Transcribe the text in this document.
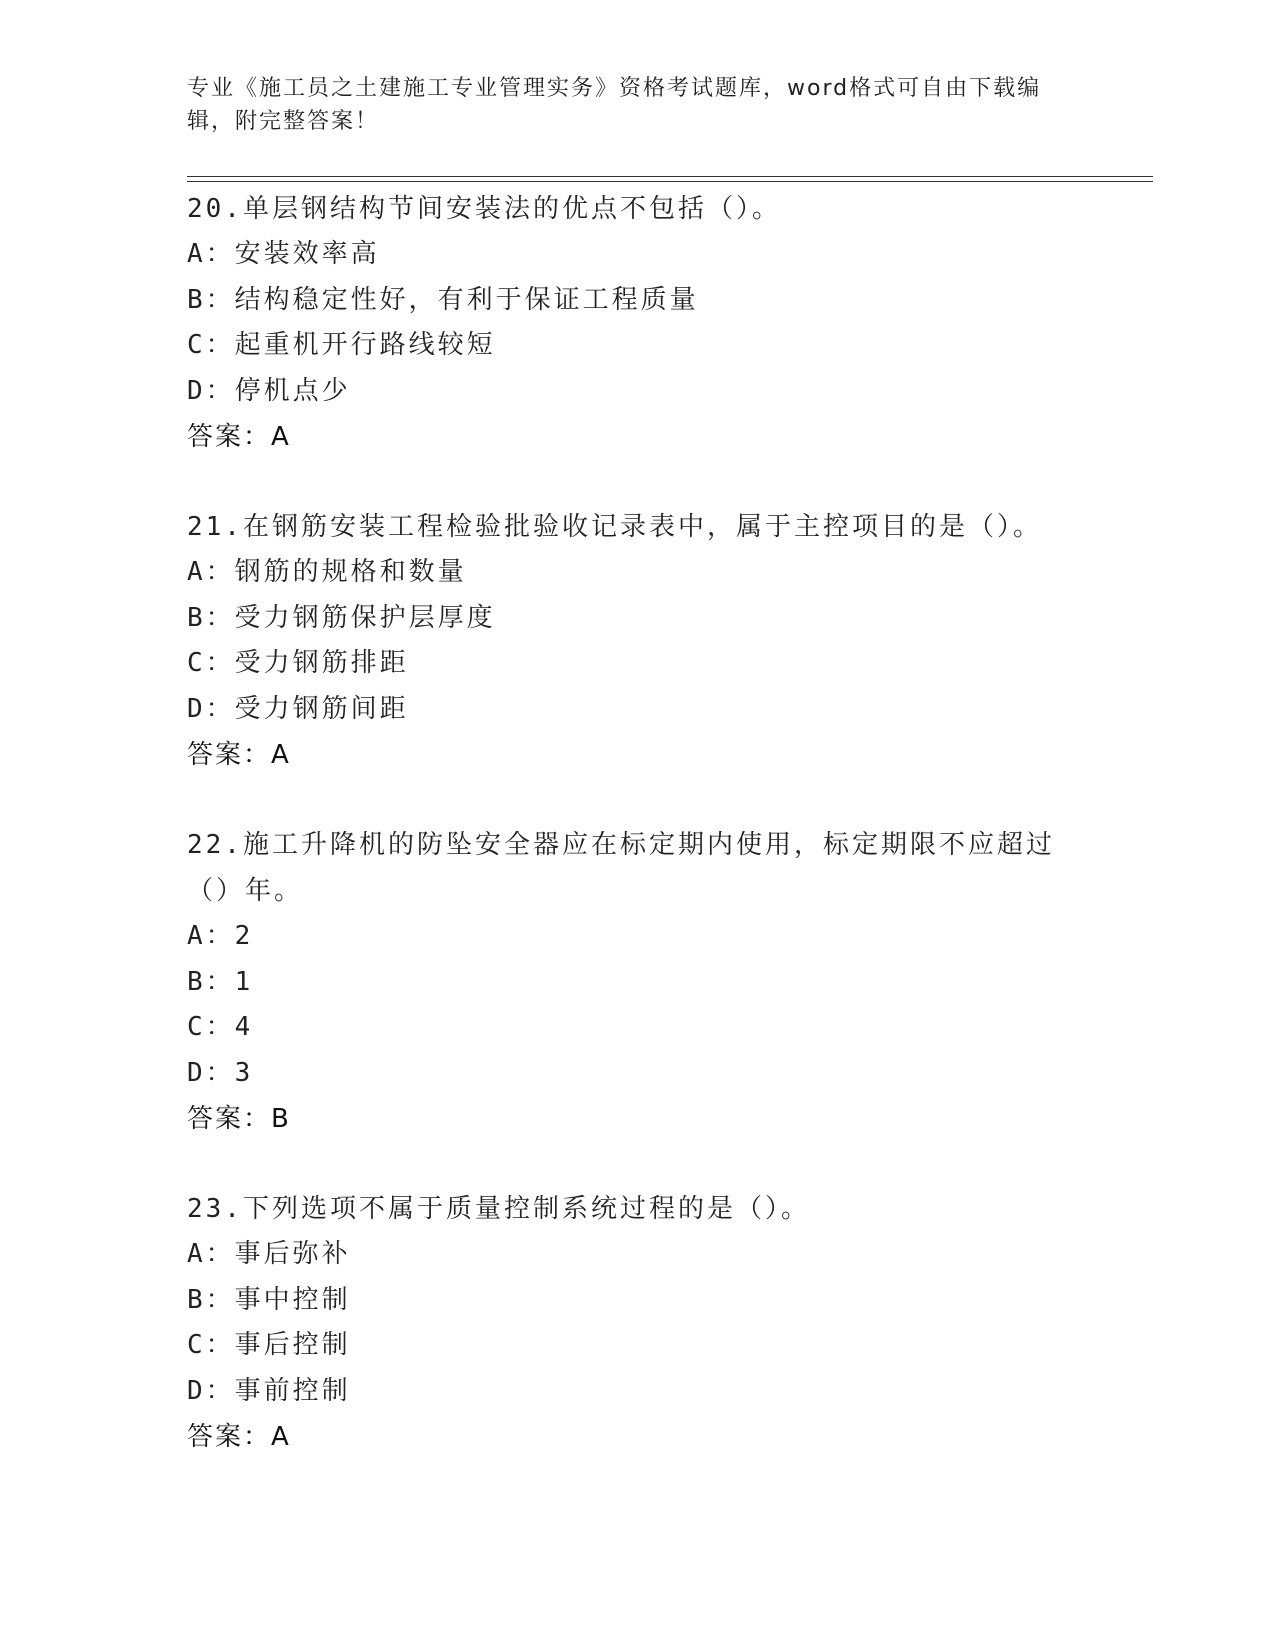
专业《施工员之土建施工专业管理实务》资格考试题库，word格式可自由下载编辑，附完整答案！

20.单层钢结构节间安装法的优点不包括（）。

A ： 安装效率高
B ： 结构稳定性好，有利于保证工程质量
C ： 起重机开行路线较短
D ： 停机点少

答案：A

21.在钢筋安装工程检验批验收记录表中，属于主控项目的是（）。

A ： 钢筋的规格和数量
B ： 受力钢筋保护层厚度
C ： 受力钢筋排距
D ： 受力钢筋间距

答案：A

22.施工升降机的防坠安全器应在标定期内使用，标定期限不应超过（）年。

A ： 2
B ： 1
C ： 4
D ： 3

答案：B

23.下列选项不属于质量控制系统过程的是（）。

A ： 事后弥补
B ： 事中控制
C ： 事后控制
D ： 事前控制

答案：A
